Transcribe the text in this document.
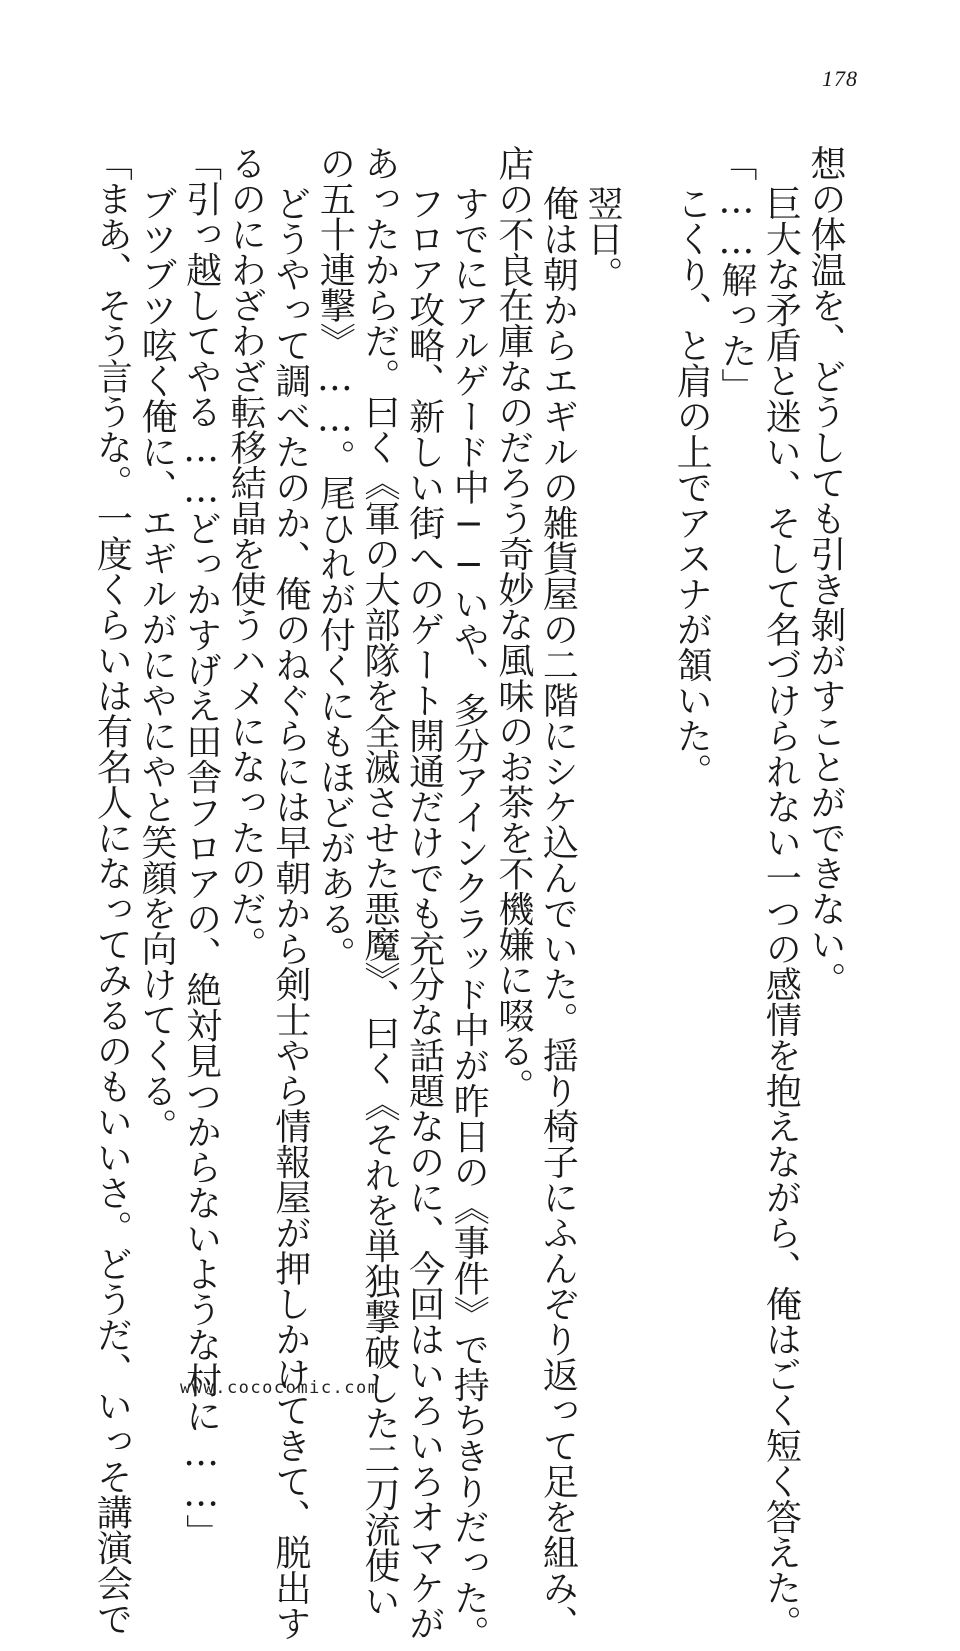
178
想の体温を、どうしても引き剝がすことができない。
巨大な矛盾と迷い、そして名づけられない一つの感情を抱えながら、俺はごく短く答えた。
「……解った」
こくり、と肩の上でアスナが頷いた。
翌日。
俺は朝からエギルの雑貨屋の二階にシケ込んでいた。揺り椅子にふんぞり返って足を組み、
店の不良在庫なのだろう奇妙な風味のお茶を不機嫌に啜る。
すでにアルゲード中──いや、多分アインクラッド中が昨日の《事件》で持ちきりだった。
フロア攻略、新しい街へのゲート開通だけでも充分な話題なのに、今回はいろいろオマケが
あったからだ。曰く《軍の大部隊を全滅させた悪魔》、曰く《それを単独撃破した二刀流使い
の五十連撃》……。尾ひれが付くにもほどがある。
どうやって調べたのか、俺のねぐらには早朝から剣士やら情報屋が押しかけてきて、脱出す
るのにわざわざ転移結晶を使うハメになったのだ。
「引っ越してやる……どっかすげえ田舎フロアの、絶対見つからないような村に……」
ブツブツ呟く俺に、エギルがにやにやと笑顔を向けてくる。
「まあ、そう言うな。一度くらいは有名人になってみるのもいいさ。どうだ、いっそ講演会で	www.cococomic.com
